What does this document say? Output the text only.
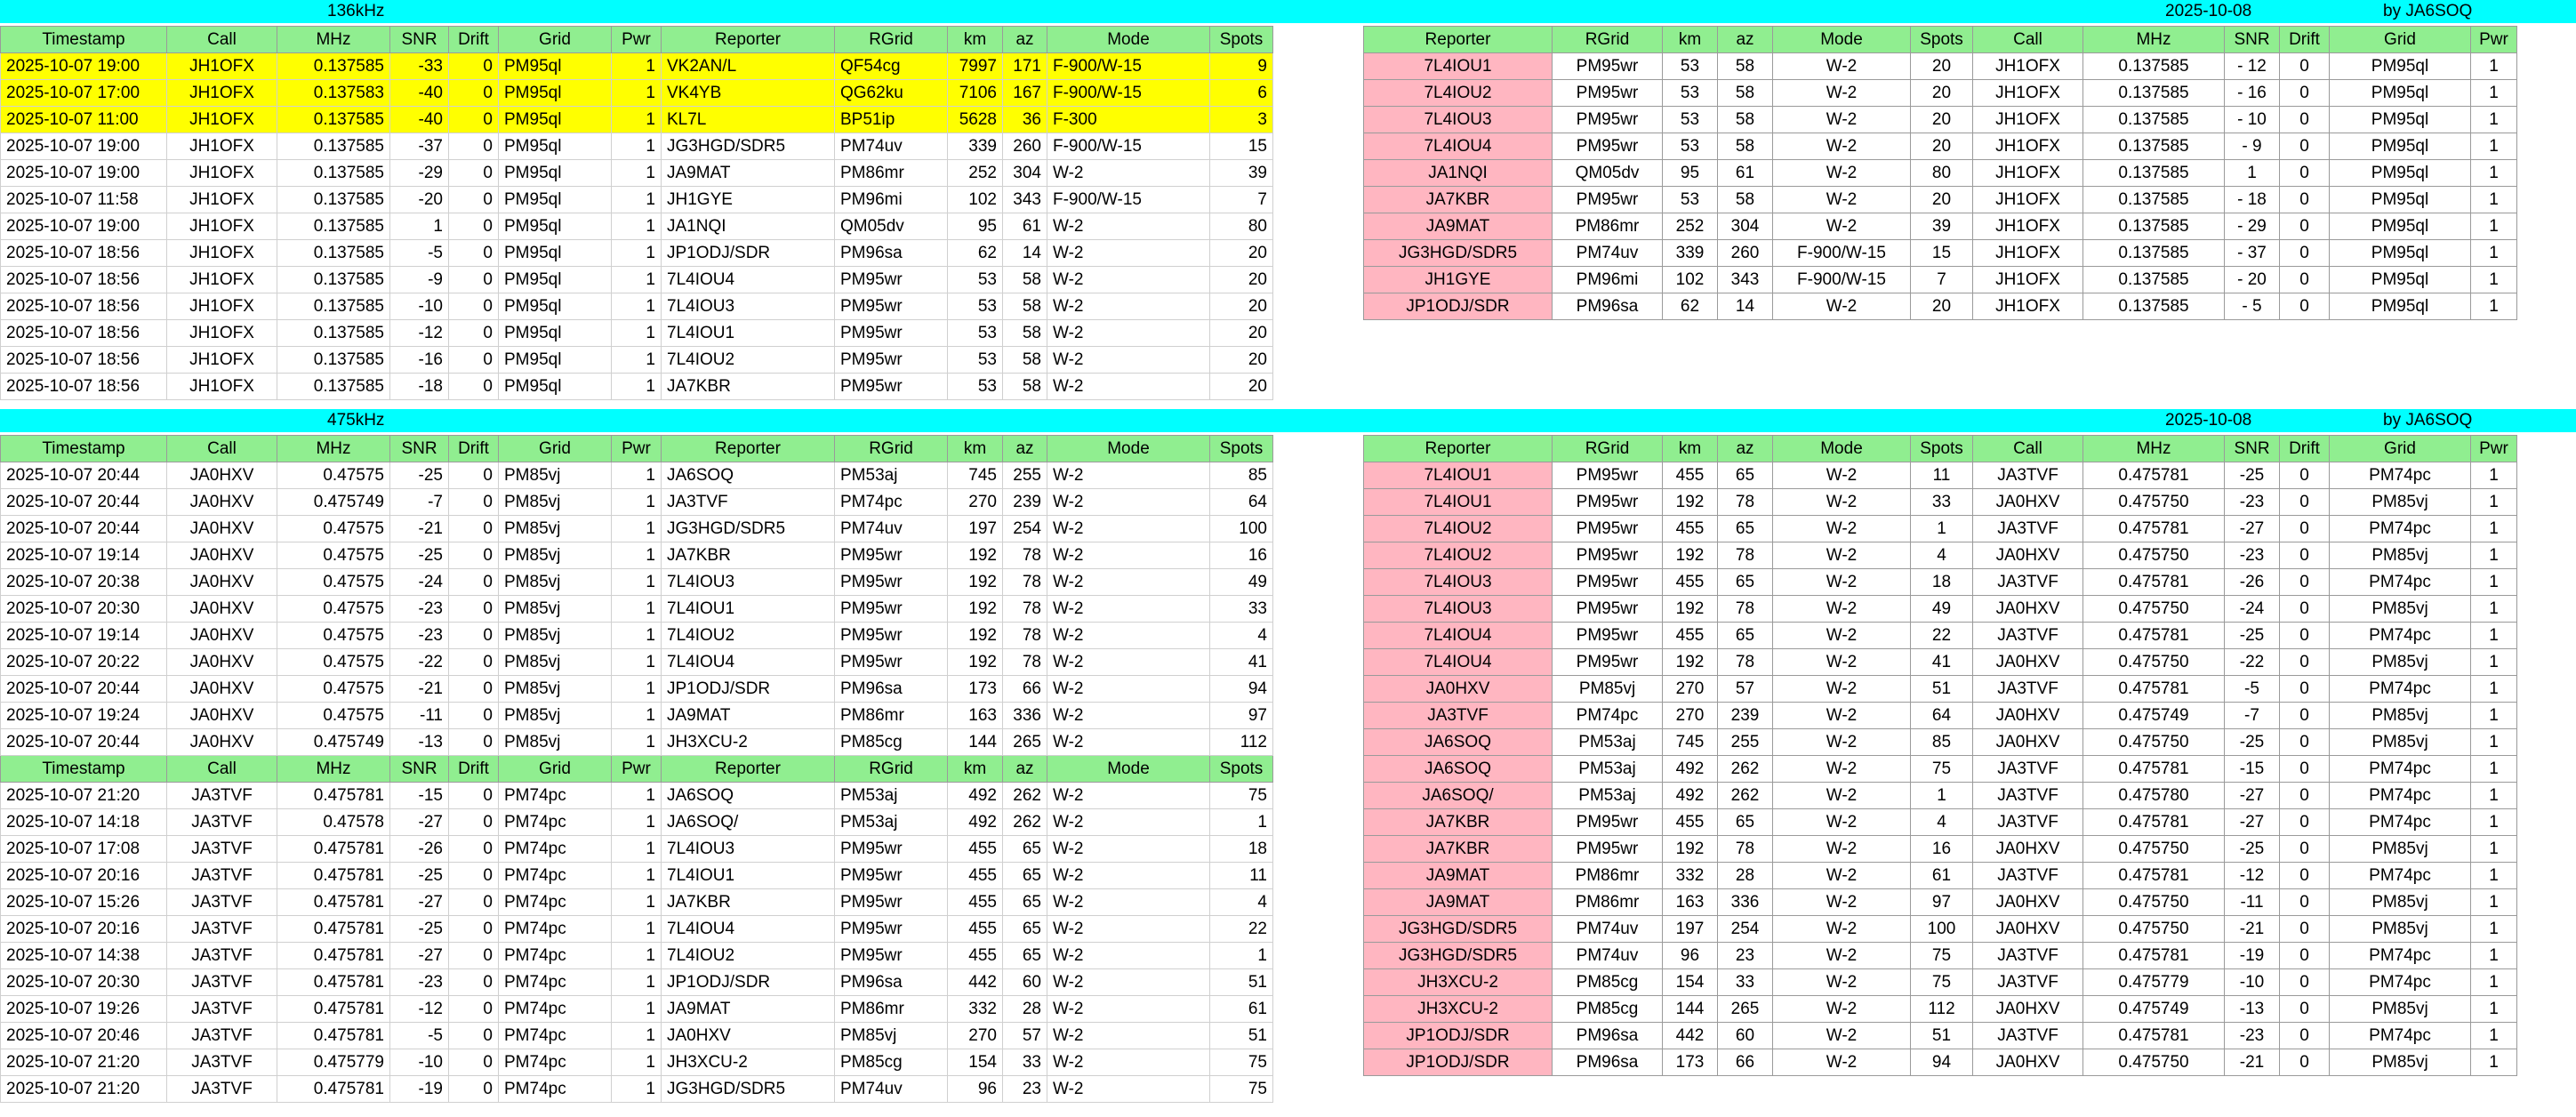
136kHz	2025-10-08	by JA6SOQ
Timestamp	Call	MHz	SNR	Drift	Grid	Pwr	Reporter	RGrid	km	az	Mode	Spots
2025-10-07 19:00	JH1OFX	0.137585	-33	0	PM95ql	1	VK2AN/L	QF54cg	7997	171	F-900/W-15	9
2025-10-07 17:00	JH1OFX	0.137583	-40	0	PM95ql	1	VK4YB	QG62ku	7106	167	F-900/W-15	6
2025-10-07 11:00	JH1OFX	0.137585	-40	0	PM95ql	1	KL7L	BP51ip	5628	36	F-300	3
2025-10-07 19:00	JH1OFX	0.137585	-37	0	PM95ql	1	JG3HGD/SDR5	PM74uv	339	260	F-900/W-15	15
2025-10-07 19:00	JH1OFX	0.137585	-29	0	PM95ql	1	JA9MAT	PM86mr	252	304	W-2	39
2025-10-07 11:58	JH1OFX	0.137585	-20	0	PM95ql	1	JH1GYE	PM96mi	102	343	F-900/W-15	7
2025-10-07 19:00	JH1OFX	0.137585	1	0	PM95ql	1	JA1NQI	QM05dv	95	61	W-2	80
2025-10-07 18:56	JH1OFX	0.137585	-5	0	PM95ql	1	JP1ODJ/SDR	PM96sa	62	14	W-2	20
2025-10-07 18:56	JH1OFX	0.137585	-9	0	PM95ql	1	7L4IOU4	PM95wr	53	58	W-2	20
2025-10-07 18:56	JH1OFX	0.137585	-10	0	PM95ql	1	7L4IOU3	PM95wr	53	58	W-2	20
2025-10-07 18:56	JH1OFX	0.137585	-12	0	PM95ql	1	7L4IOU1	PM95wr	53	58	W-2	20
2025-10-07 18:56	JH1OFX	0.137585	-16	0	PM95ql	1	7L4IOU2	PM95wr	53	58	W-2	20
2025-10-07 18:56	JH1OFX	0.137585	-18	0	PM95ql	1	JA7KBR	PM95wr	53	58	W-2	20
Reporter	RGrid	km	az	Mode	Spots	Call	MHz	SNR	Drift	Grid	Pwr
7L4IOU1	PM95wr	53	58	W-2	20	JH1OFX	0.137585	- 12	0	PM95ql	1
7L4IOU2	PM95wr	53	58	W-2	20	JH1OFX	0.137585	- 16	0	PM95ql	1
7L4IOU3	PM95wr	53	58	W-2	20	JH1OFX	0.137585	- 10	0	PM95ql	1
7L4IOU4	PM95wr	53	58	W-2	20	JH1OFX	0.137585	- 9	0	PM95ql	1
JA1NQI	QM05dv	95	61	W-2	80	JH1OFX	0.137585	1	0	PM95ql	1
JA7KBR	PM95wr	53	58	W-2	20	JH1OFX	0.137585	- 18	0	PM95ql	1
JA9MAT	PM86mr	252	304	W-2	39	JH1OFX	0.137585	- 29	0	PM95ql	1
JG3HGD/SDR5	PM74uv	339	260	F-900/W-15	15	JH1OFX	0.137585	- 37	0	PM95ql	1
JH1GYE	PM96mi	102	343	F-900/W-15	7	JH1OFX	0.137585	- 20	0	PM95ql	1
JP1ODJ/SDR	PM96sa	62	14	W-2	20	JH1OFX	0.137585	- 5	0	PM95ql	1
475kHz	2025-10-08	by JA6SOQ
Timestamp	Call	MHz	SNR	Drift	Grid	Pwr	Reporter	RGrid	km	az	Mode	Spots
2025-10-07 20:44	JA0HXV	0.47575	-25	0	PM85vj	1	JA6SOQ	PM53aj	745	255	W-2	85
2025-10-07 20:44	JA0HXV	0.475749	-7	0	PM85vj	1	JA3TVF	PM74pc	270	239	W-2	64
2025-10-07 20:44	JA0HXV	0.47575	-21	0	PM85vj	1	JG3HGD/SDR5	PM74uv	197	254	W-2	100
2025-10-07 19:14	JA0HXV	0.47575	-25	0	PM85vj	1	JA7KBR	PM95wr	192	78	W-2	16
2025-10-07 20:38	JA0HXV	0.47575	-24	0	PM85vj	1	7L4IOU3	PM95wr	192	78	W-2	49
2025-10-07 20:30	JA0HXV	0.47575	-23	0	PM85vj	1	7L4IOU1	PM95wr	192	78	W-2	33
2025-10-07 19:14	JA0HXV	0.47575	-23	0	PM85vj	1	7L4IOU2	PM95wr	192	78	W-2	4
2025-10-07 20:22	JA0HXV	0.47575	-22	0	PM85vj	1	7L4IOU4	PM95wr	192	78	W-2	41
2025-10-07 20:44	JA0HXV	0.47575	-21	0	PM85vj	1	JP1ODJ/SDR	PM96sa	173	66	W-2	94
2025-10-07 19:24	JA0HXV	0.47575	-11	0	PM85vj	1	JA9MAT	PM86mr	163	336	W-2	97
2025-10-07 20:44	JA0HXV	0.475749	-13	0	PM85vj	1	JH3XCU-2	PM85cg	144	265	W-2	112
Timestamp	Call	MHz	SNR	Drift	Grid	Pwr	Reporter	RGrid	km	az	Mode	Spots
2025-10-07 21:20	JA3TVF	0.475781	-15	0	PM74pc	1	JA6SOQ	PM53aj	492	262	W-2	75
2025-10-07 14:18	JA3TVF	0.47578	-27	0	PM74pc	1	JA6SOQ/	PM53aj	492	262	W-2	1
2025-10-07 17:08	JA3TVF	0.475781	-26	0	PM74pc	1	7L4IOU3	PM95wr	455	65	W-2	18
2025-10-07 20:16	JA3TVF	0.475781	-25	0	PM74pc	1	7L4IOU1	PM95wr	455	65	W-2	11
2025-10-07 15:26	JA3TVF	0.475781	-27	0	PM74pc	1	JA7KBR	PM95wr	455	65	W-2	4
2025-10-07 20:16	JA3TVF	0.475781	-25	0	PM74pc	1	7L4IOU4	PM95wr	455	65	W-2	22
2025-10-07 14:38	JA3TVF	0.475781	-27	0	PM74pc	1	7L4IOU2	PM95wr	455	65	W-2	1
2025-10-07 20:30	JA3TVF	0.475781	-23	0	PM74pc	1	JP1ODJ/SDR	PM96sa	442	60	W-2	51
2025-10-07 19:26	JA3TVF	0.475781	-12	0	PM74pc	1	JA9MAT	PM86mr	332	28	W-2	61
2025-10-07 20:46	JA3TVF	0.475781	-5	0	PM74pc	1	JA0HXV	PM85vj	270	57	W-2	51
2025-10-07 21:20	JA3TVF	0.475779	-10	0	PM74pc	1	JH3XCU-2	PM85cg	154	33	W-2	75
2025-10-07 21:20	JA3TVF	0.475781	-19	0	PM74pc	1	JG3HGD/SDR5	PM74uv	96	23	W-2	75
Reporter	RGrid	km	az	Mode	Spots	Call	MHz	SNR	Drift	Grid	Pwr
7L4IOU1	PM95wr	455	65	W-2	11	JA3TVF	0.475781	-25	0	PM74pc	1
7L4IOU1	PM95wr	192	78	W-2	33	JA0HXV	0.475750	-23	0	PM85vj	1
7L4IOU2	PM95wr	455	65	W-2	1	JA3TVF	0.475781	-27	0	PM74pc	1
7L4IOU2	PM95wr	192	78	W-2	4	JA0HXV	0.475750	-23	0	PM85vj	1
7L4IOU3	PM95wr	455	65	W-2	18	JA3TVF	0.475781	-26	0	PM74pc	1
7L4IOU3	PM95wr	192	78	W-2	49	JA0HXV	0.475750	-24	0	PM85vj	1
7L4IOU4	PM95wr	455	65	W-2	22	JA3TVF	0.475781	-25	0	PM74pc	1
7L4IOU4	PM95wr	192	78	W-2	41	JA0HXV	0.475750	-22	0	PM85vj	1
JA0HXV	PM85vj	270	57	W-2	51	JA3TVF	0.475781	-5	0	PM74pc	1
JA3TVF	PM74pc	270	239	W-2	64	JA0HXV	0.475749	-7	0	PM85vj	1
JA6SOQ	PM53aj	745	255	W-2	85	JA0HXV	0.475750	-25	0	PM85vj	1
JA6SOQ	PM53aj	492	262	W-2	75	JA3TVF	0.475781	-15	0	PM74pc	1
JA6SOQ/	PM53aj	492	262	W-2	1	JA3TVF	0.475780	-27	0	PM74pc	1
JA7KBR	PM95wr	455	65	W-2	4	JA3TVF	0.475781	-27	0	PM74pc	1
JA7KBR	PM95wr	192	78	W-2	16	JA0HXV	0.475750	-25	0	PM85vj	1
JA9MAT	PM86mr	332	28	W-2	61	JA3TVF	0.475781	-12	0	PM74pc	1
JA9MAT	PM86mr	163	336	W-2	97	JA0HXV	0.475750	-11	0	PM85vj	1
JG3HGD/SDR5	PM74uv	197	254	W-2	100	JA0HXV	0.475750	-21	0	PM85vj	1
JG3HGD/SDR5	PM74uv	96	23	W-2	75	JA3TVF	0.475781	-19	0	PM74pc	1
JH3XCU-2	PM85cg	154	33	W-2	75	JA3TVF	0.475779	-10	0	PM74pc	1
JH3XCU-2	PM85cg	144	265	W-2	112	JA0HXV	0.475749	-13	0	PM85vj	1
JP1ODJ/SDR	PM96sa	442	60	W-2	51	JA3TVF	0.475781	-23	0	PM74pc	1
JP1ODJ/SDR	PM96sa	173	66	W-2	94	JA0HXV	0.475750	-21	0	PM85vj	1
